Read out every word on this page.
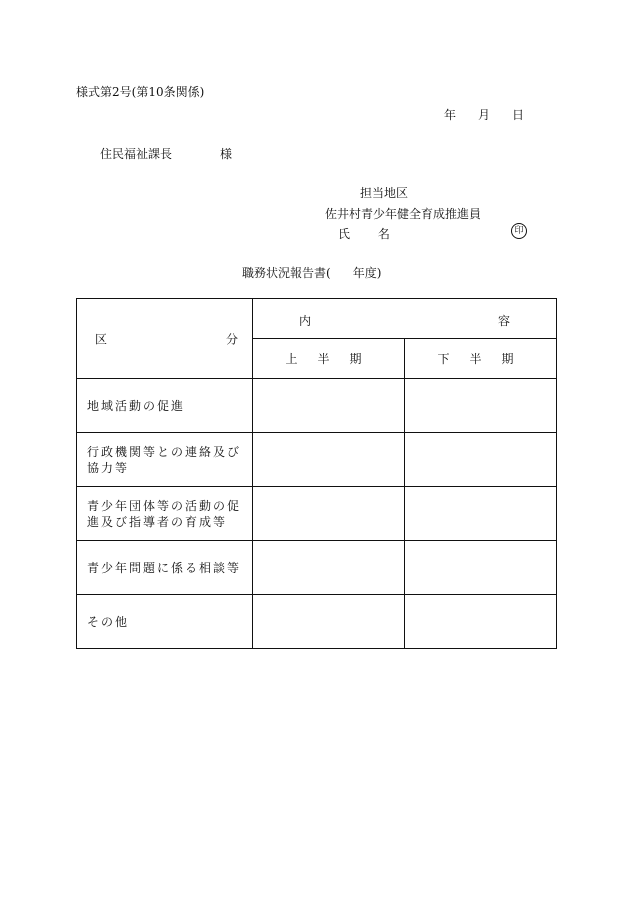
様式第2号(第10条関係)
年 月 日
住民福祉課長	様
担当地区
佐井村青少年健全育成推進員
氏 名	印
職務状況報告書( 年度)
区 分	内 容	

	上半期	下半期
地域活動の促進		
行政機関等との連絡及び協力等		
青少年団体等の活動の促進及び指導者の育成等		
青少年問題に係る相談等		
その他		
